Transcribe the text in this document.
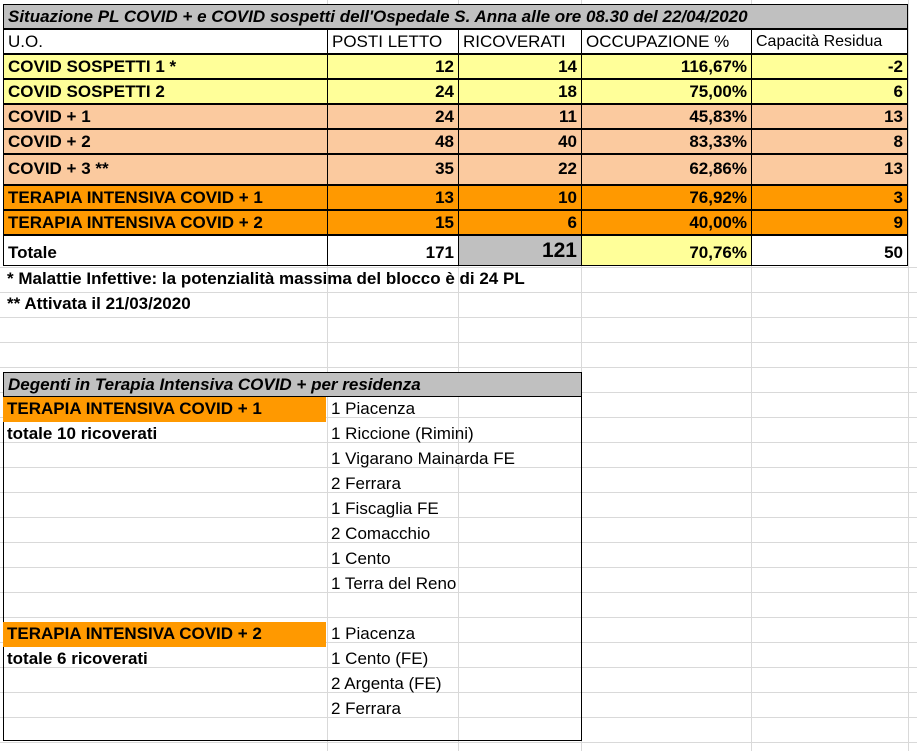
Situazione PL COVID + e COVID sospetti dell'Ospedale S. Anna alle ore 08.30 del 22/04/2020
U.O.	POSTI LETTO	RICOVERATI	OCCUPAZIONE %	Capacità Residua
COVID SOSPETTI 1 *	12	14	116,67%	-2
COVID SOSPETTI 2	24	18	75,00%	6
COVID + 1	24	11	45,83%	13
COVID + 2	48	40	83,33%	8
COVID + 3 **	35	22	62,86%	13
TERAPIA INTENSIVA COVID + 1	13	10	76,92%	3
TERAPIA INTENSIVA COVID + 2	15	6	40,00%	9
Totale	171	121	70,76%	50
* Malattie Infettive: la potenzialità massima del blocco è di 24 PL
** Attivata il 21/03/2020
Degenti in Terapia Intensiva COVID + per residenza
TERAPIA INTENSIVA COVID + 1
totale 10 ricoverati
1 Piacenza
1 Riccione (Rimini)
1 Vigarano Mainarda FE
2 Ferrara
1 Fiscaglia FE
2 Comacchio
1 Cento
1 Terra del Reno
TERAPIA INTENSIVA COVID + 2
totale 6 ricoverati
1 Piacenza
1 Cento (FE)
2 Argenta (FE)
2 Ferrara
